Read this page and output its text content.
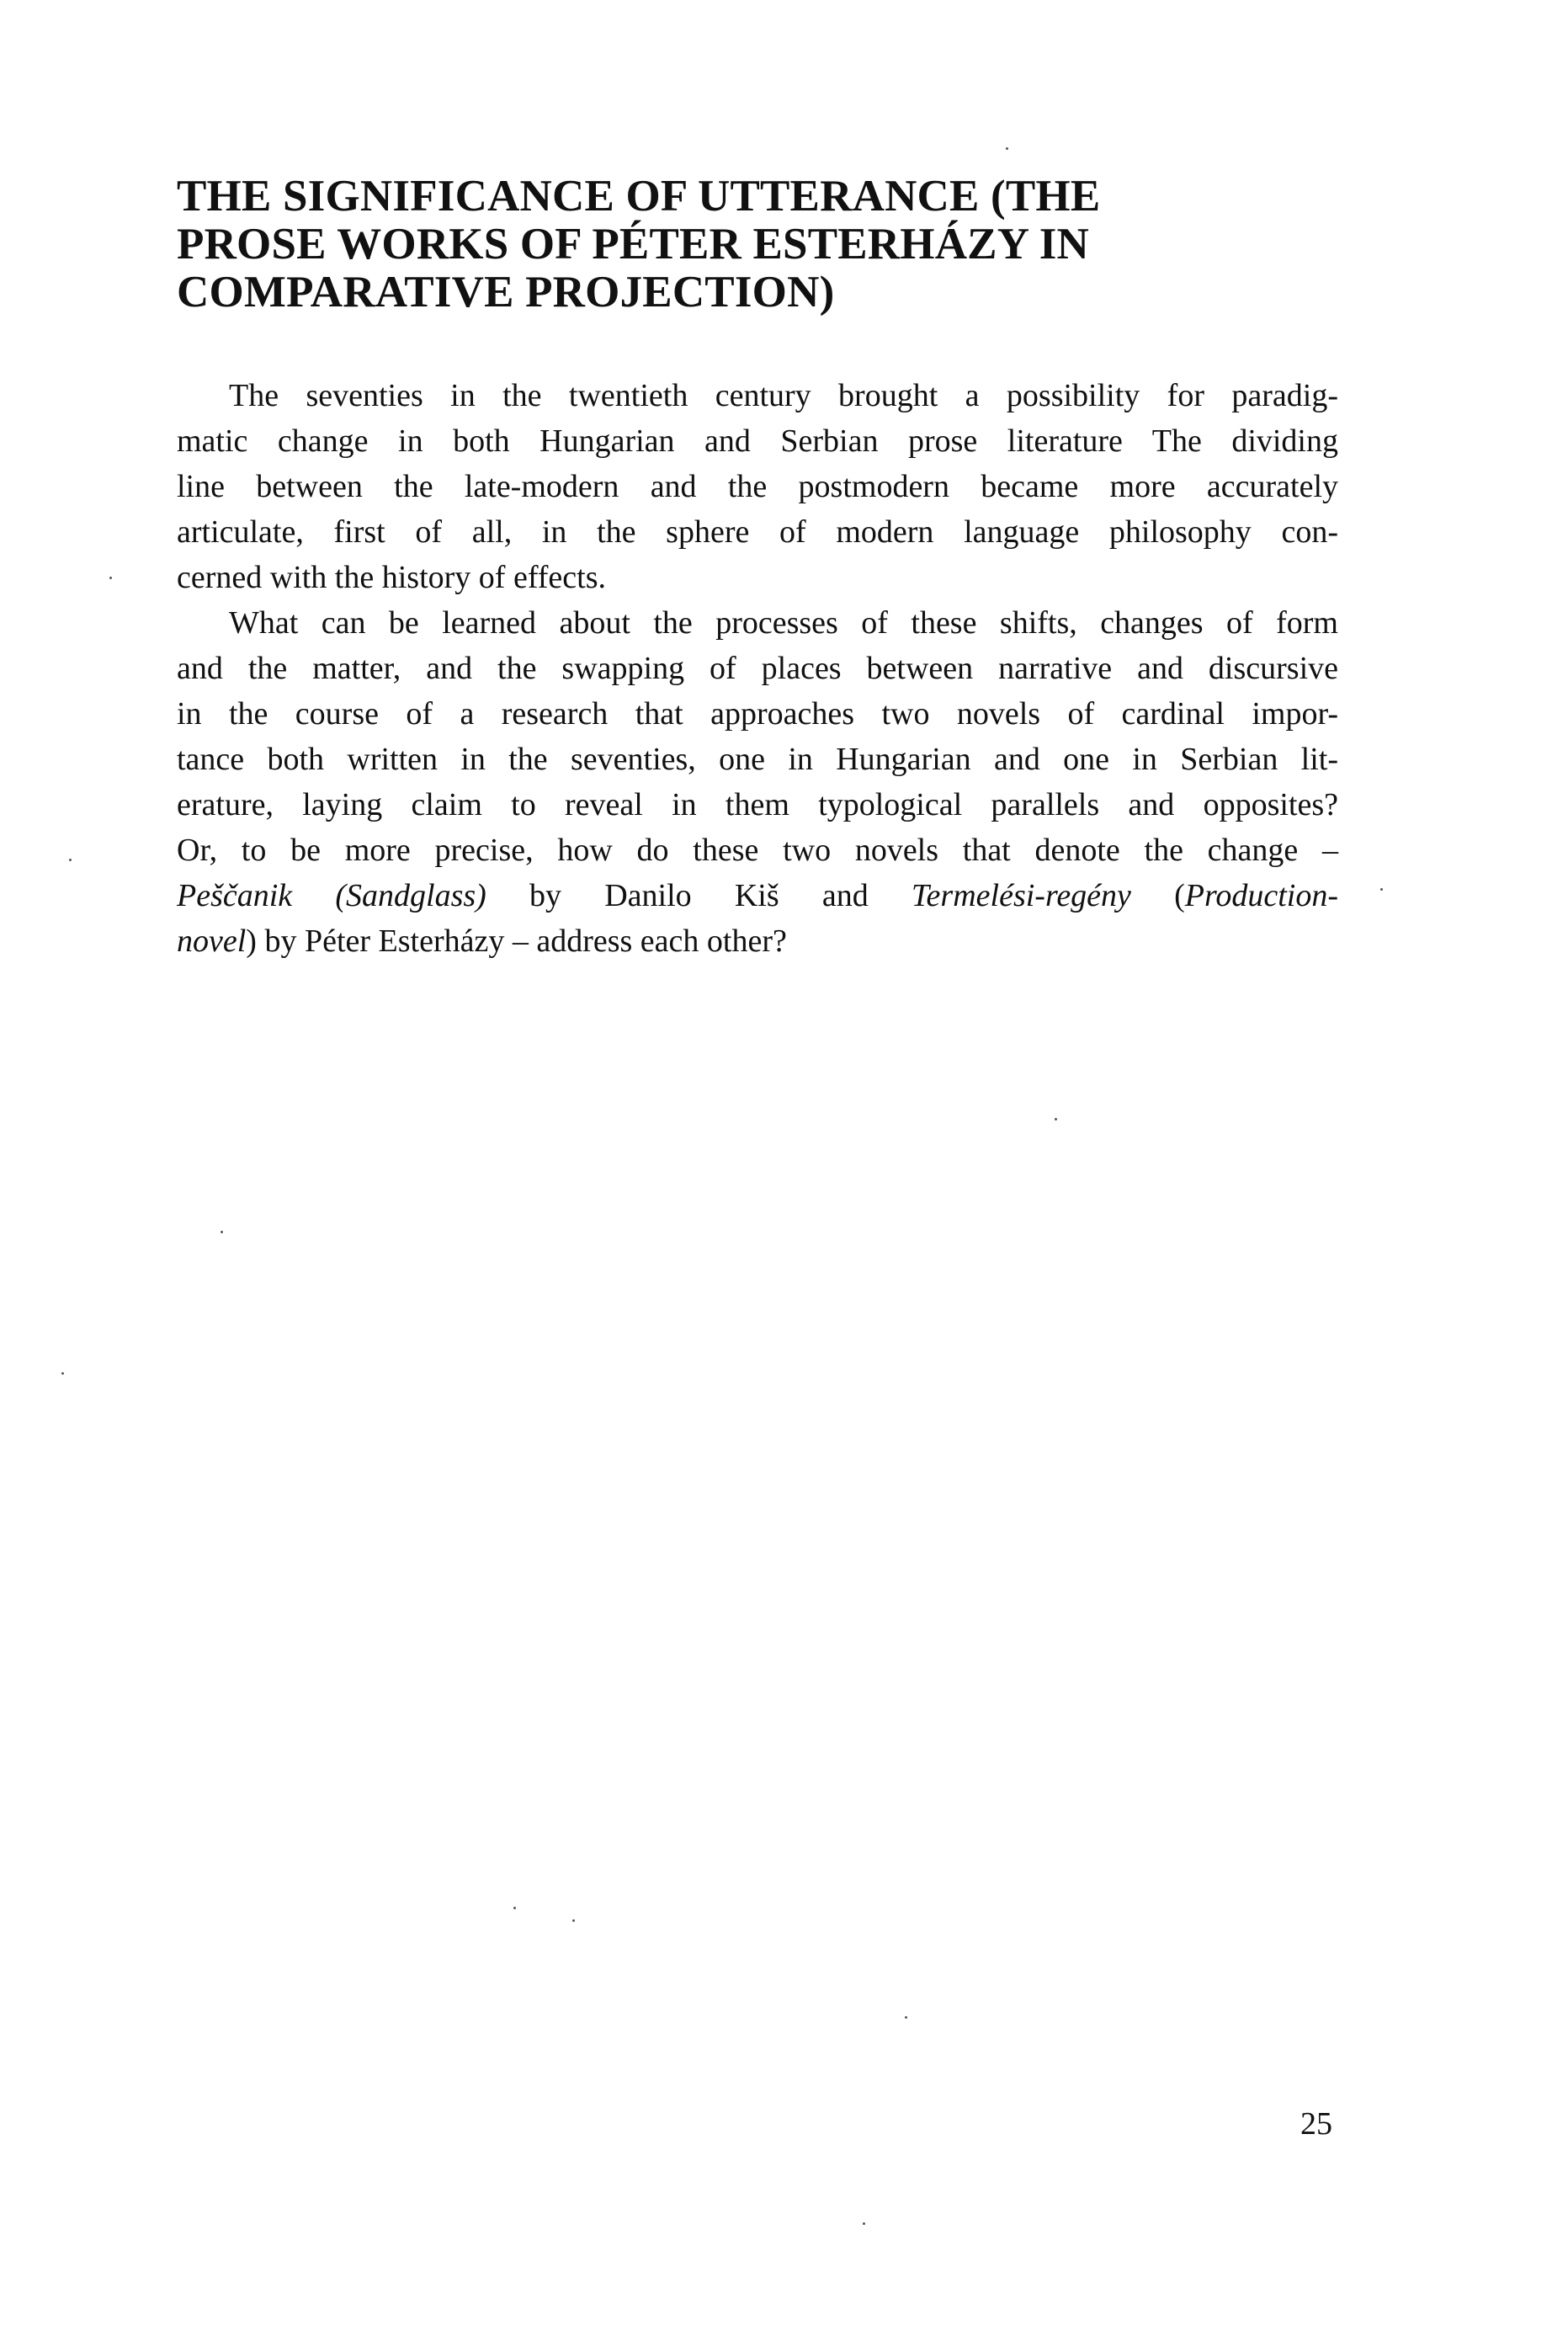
THE SIGNIFICANCE OF UTTERANCE (THE
PROSE WORKS OF PÉTER ESTERHÁZY IN
COMPARATIVE PROJECTION)

The seventies in the twentieth century brought a possibility for paradig-
matic change in both Hungarian and Serbian prose literature The dividing
line between the late-modern and the postmodern became more accurately
articulate, first of all, in the sphere of modern language philosophy con-
cerned with the history of effects.

What can be learned about the processes of these shifts, changes of form
and the matter, and the swapping of places between narrative and discursive
in the course of a research that approaches two novels of cardinal impor-
tance both written in the seventies, one in Hungarian and one in Serbian lit-
erature, laying claim to reveal in them typological parallels and opposites?
Or, to be more precise, how do these two novels that denote the change –
Peščanik (Sandglass) by Danilo Kiš and Termelési-regény (Production-
novel) by Péter Esterházy – address each other?

25
